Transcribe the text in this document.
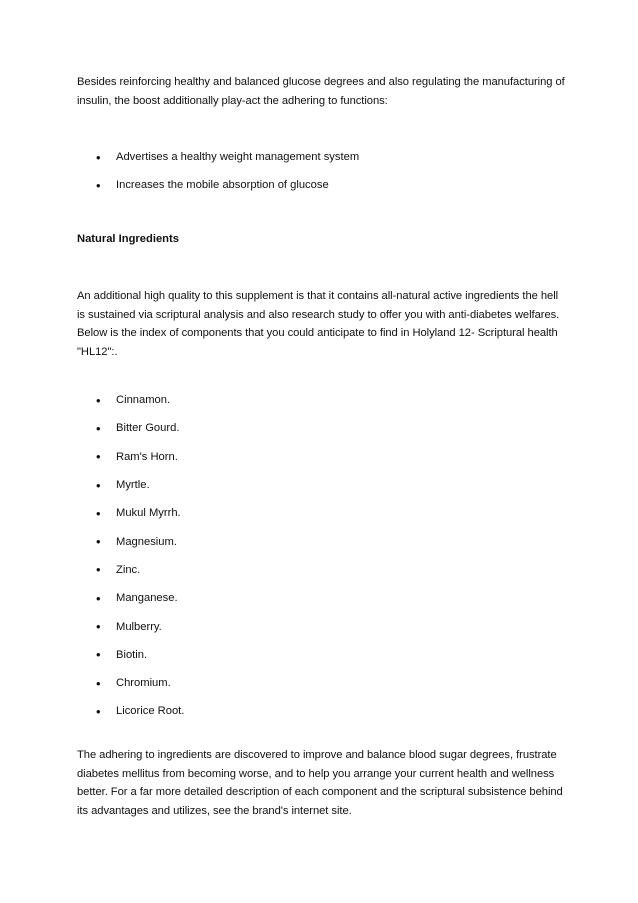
Besides reinforcing healthy and balanced glucose degrees and also regulating the manufacturing of insulin, the boost additionally play-act the adhering to functions:

•	Advertises a healthy weight management system
•	Increases the mobile absorption of glucose

Natural Ingredients

An additional high quality to this supplement is that it contains all-natural active ingredients the hell is sustained via scriptural analysis and also research study to offer you with anti-diabetes welfares. Below is the index of components that you could anticipate to find in Holyland 12- Scriptural health "HL12":.

•	Cinnamon.
•	Bitter Gourd.
•	Ram's Horn.
•	Myrtle.
•	Mukul Myrrh.
•	Magnesium.
•	Zinc.
•	Manganese.
•	Mulberry.
•	Biotin.
•	Chromium.
•	Licorice Root.

The adhering to ingredients are discovered to improve and balance blood sugar degrees, frustrate diabetes mellitus from becoming worse, and to help you arrange your current health and wellness better. For a far more detailed description of each component and the scriptural subsistence behind its advantages and utilizes, see the brand's internet site.
